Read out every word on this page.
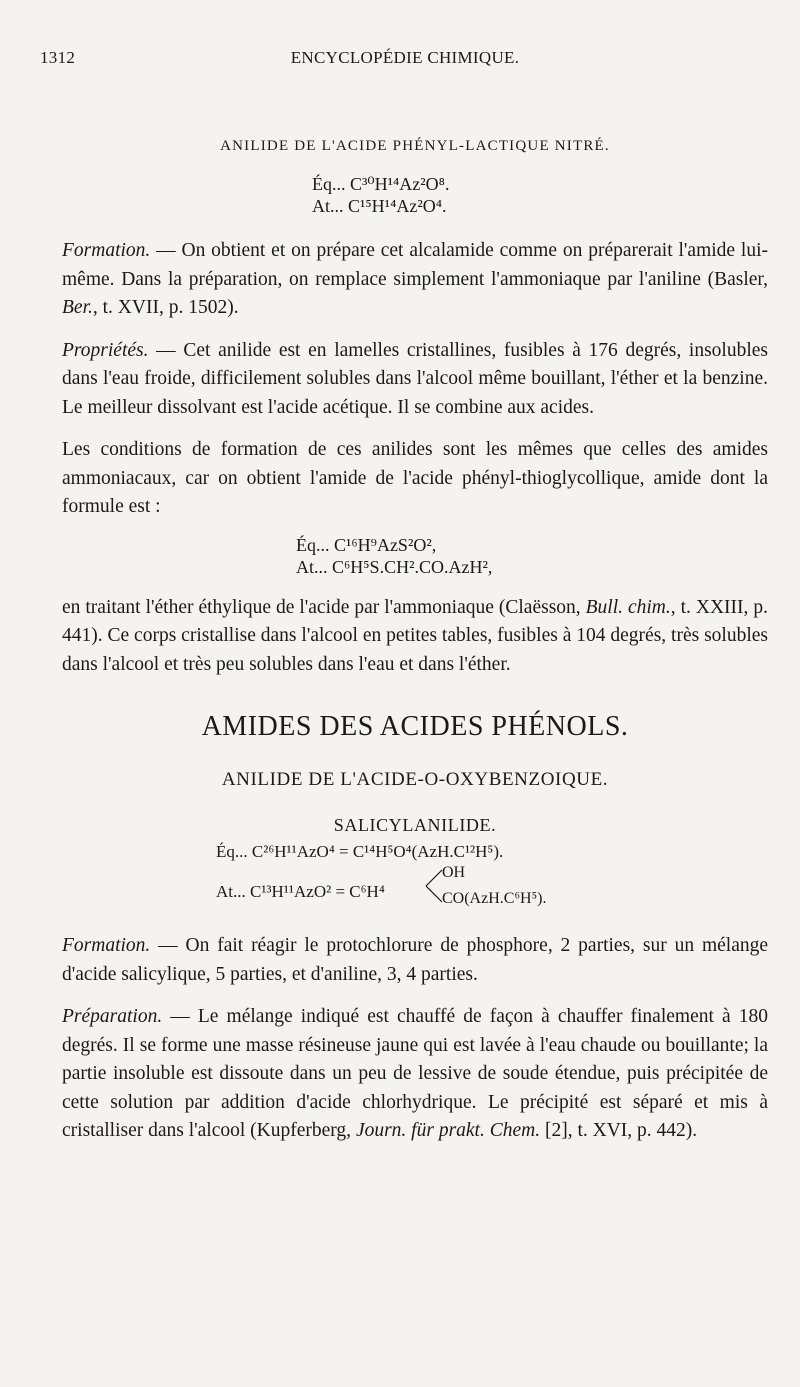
1312	ENCYCLOPÉDIE CHIMIQUE.
ANILIDE DE L'ACIDE PHÉNYL-LACTIQUE NITRÉ.
Éq... C³⁰H¹⁴Az²O⁸.
At... C¹⁵H¹⁴Az²O⁴.

Formation. — On obtient et on prépare cet alcalamide comme on préparerait l'amide lui-même. Dans la préparation, on remplace simplement l'ammoniaque par l'aniline (Basler, Ber., t. XVII, p. 1502).

Propriétés. — Cet anilide est en lamelles cristallines, fusibles à 176 degrés, insolubles dans l'eau froide, difficilement solubles dans l'alcool même bouillant, l'éther et la benzine. Le meilleur dissolvant est l'acide acétique. Il se combine aux acides.

Les conditions de formation de ces anilides sont les mêmes que celles des amides ammoniacaux, car on obtient l'amide de l'acide phényl-thioglycollique, amide dont la formule est :

Éq... C¹⁶H⁹AzS²O²,
At... C⁶H⁵S.CH².CO.AzH²,

en traitant l'éther éthylique de l'acide par l'ammoniaque (Claësson, Bull. chim., t. XXIII, p. 441). Ce corps cristallise dans l'alcool en petites tables, fusibles à 104 degrés, très solubles dans l'alcool et très peu solubles dans l'eau et dans l'éther.

AMIDES DES ACIDES PHÉNOLS.
ANILIDE DE L'ACIDE-O-OXYBENZOIQUE.
SALICYLANILIDE.
Éq... C²⁶H¹¹AzO⁴ = C¹⁴H⁵O⁴(AzH.C¹²H⁵).
At... C¹³H¹¹AzO² = C⁶H⁴
OH
CO(AzH.C⁶H⁵).

Formation. — On fait réagir le protochlorure de phosphore, 2 parties, sur un mélange d'acide salicylique, 5 parties, et d'aniline, 3, 4 parties.

Préparation. — Le mélange indiqué est chauffé de façon à chauffer finalement à 180 degrés. Il se forme une masse résineuse jaune qui est lavée à l'eau chaude ou bouillante; la partie insoluble est dissoute dans un peu de lessive de soude étendue, puis précipitée de cette solution par addition d'acide chlorhydrique. Le précipité est séparé et mis à cristalliser dans l'alcool (Kupferberg, Journ. für prakt. Chem. [2], t. XVI, p. 442).
